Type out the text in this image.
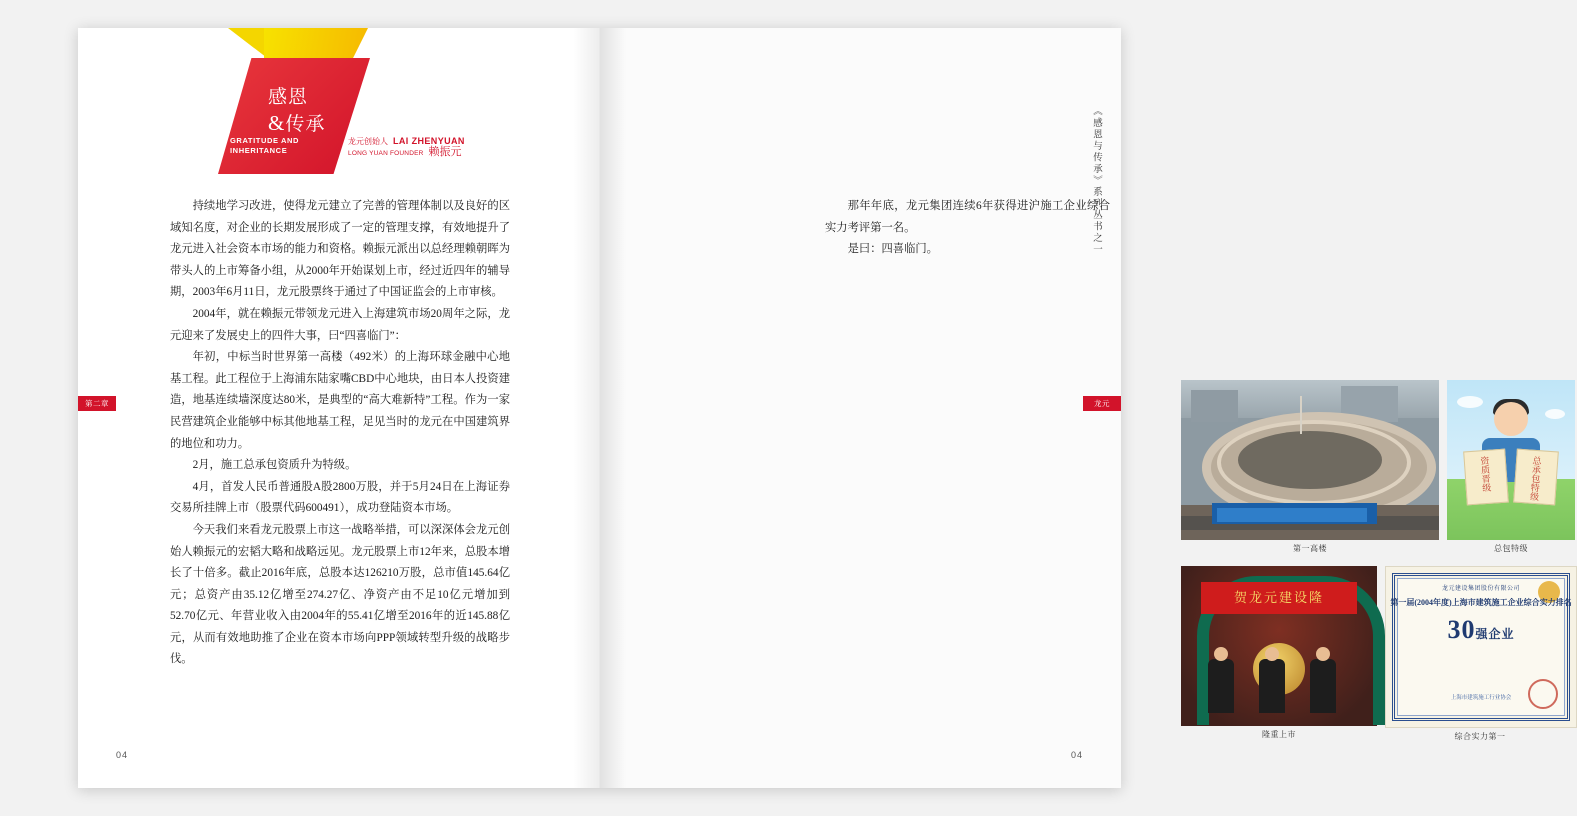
感恩
&传承
GRATITUDE AND
INHERITANCE
龙元创始人 LAI ZHENYUAN
LONG YUAN FOUNDER 赖振元
第二章

持续地学习改进，使得龙元建立了完善的管理体制以及良好的区域知名度，对企业的长期发展形成了一定的管理支撑，有效地提升了龙元进入社会资本市场的能力和资格。赖振元派出以总经理赖朝晖为带头人的上市筹备小组，从2000年开始谋划上市，经过近四年的辅导期，2003年6月11日，龙元股票终于通过了中国证监会的上市审核。

2004年，就在赖振元带领龙元进入上海建筑市场20周年之际，龙元迎来了发展史上的四件大事，曰“四喜临门”：

年初，中标当时世界第一高楼（492米）的上海环球金融中心地基工程。此工程位于上海浦东陆家嘴CBD中心地块，由日本人投资建造，地基连续墙深度达80米，是典型的“高大难新特”工程。作为一家民营建筑企业能够中标其他地基工程，足见当时的龙元在中国建筑界的地位和功力。

2月，施工总承包资质升为特级。

4月，首发人民币普通股A股2800万股，并于5月24日在上海证券交易所挂牌上市（股票代码600491），成功登陆资本市场。

今天我们来看龙元股票上市这一战略举措，可以深深体会龙元创始人赖振元的宏韬大略和战略远见。龙元股票上市12年来，总股本增长了十倍多。截止2016年底，总股本达126210万股，总市值145.64亿元；总资产由35.12亿增至274.27亿、净资产由不足10亿元增加到52.70亿元、年营业收入由2004年的55.41亿增至2016年的近145.88亿元，从而有效地助推了企业在资本市场向PPP领域转型升级的战略步伐。

04
《感恩与传承》系列丛书之一
龙元

那年年底，龙元集团连续6年获得进沪施工企业综合实力考评第一名。

是曰：四喜临门。

第一高楼
资质晋级	总承包特级
总包特级
贺龙元建设隆
隆重上市
龙元建设集团股份有限公司
第一届(2004年度)上海市建筑施工企业综合实力排名
30强企业
上海市建筑施工行业协会
综合实力第一
04
